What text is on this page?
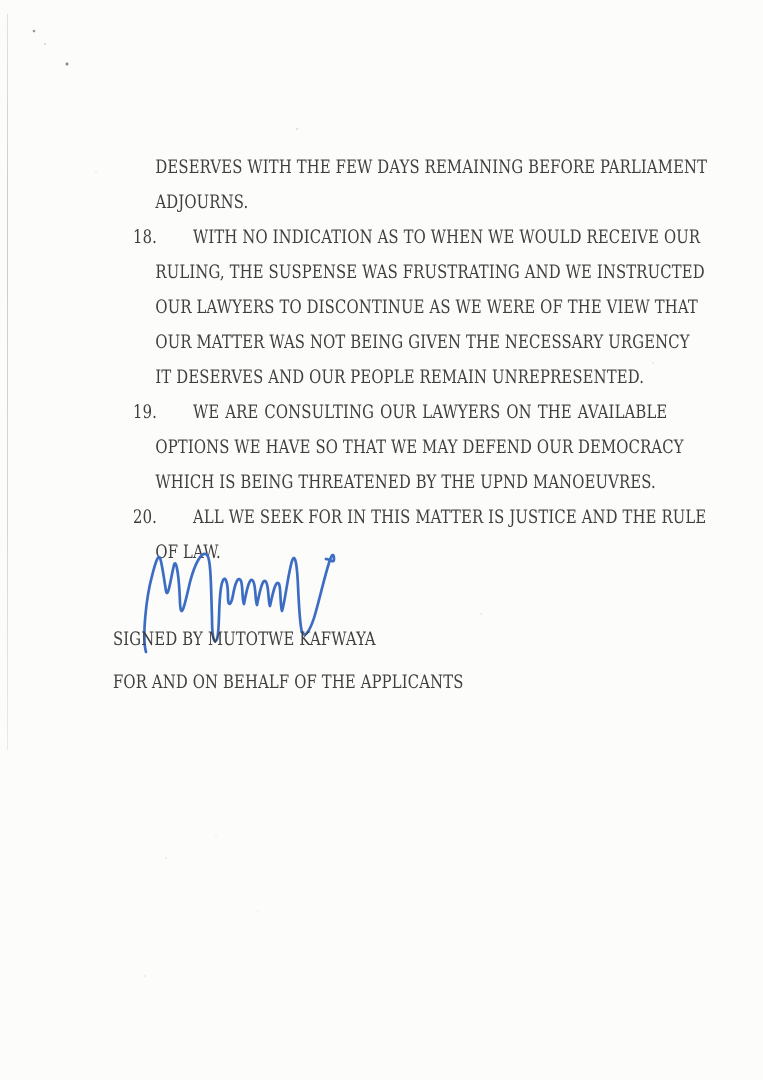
DESERVES WITH THE FEW DAYS REMAINING BEFORE PARLIAMENT
ADJOURNS.
18.	WITH NO INDICATION AS TO WHEN WE WOULD RECEIVE OUR
RULING, THE SUSPENSE WAS FRUSTRATING AND WE INSTRUCTED
OUR LAWYERS TO DISCONTINUE AS WE WERE OF THE VIEW THAT
OUR MATTER WAS NOT BEING GIVEN THE NECESSARY URGENCY
IT DESERVES AND OUR PEOPLE REMAIN UNREPRESENTED.
19.	WE ARE CONSULTING OUR LAWYERS ON THE AVAILABLE
OPTIONS WE HAVE SO THAT WE MAY DEFEND OUR DEMOCRACY
WHICH IS BEING THREATENED BY THE UPND MANOEUVRES.
20.	ALL WE SEEK FOR IN THIS MATTER IS JUSTICE AND THE RULE
OF LAW.
SIGNED BY MUTOTWE KAFWAYA
FOR AND ON BEHALF OF THE APPLICANTS
